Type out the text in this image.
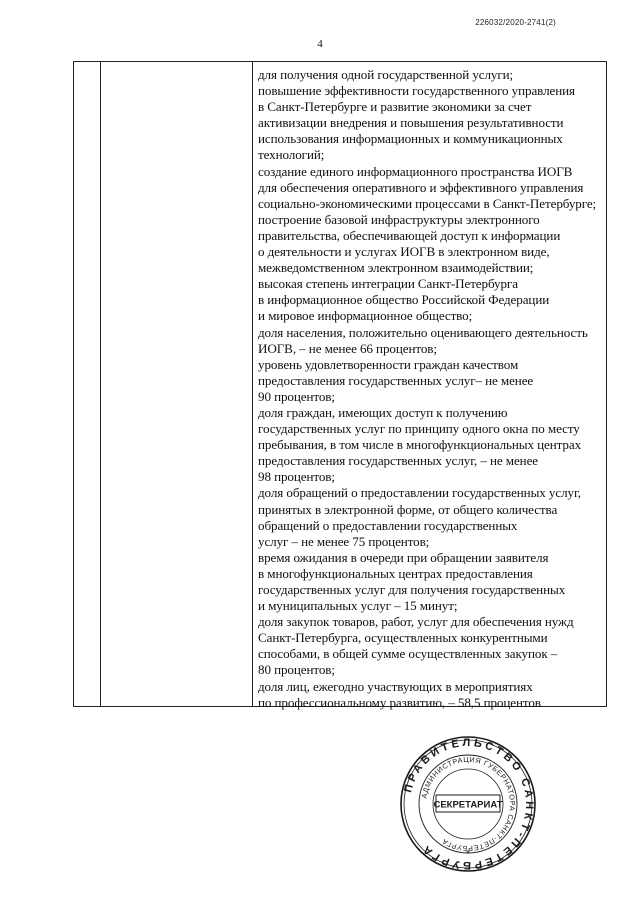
226032/2020-2741(2)
4
для получения одной государственной услуги;
повышение эффективности государственного управления
в Санкт-Петербурге и развитие экономики за счет
активизации внедрения и повышения результативности
использования информационных и коммуникационных
технологий;
создание единого информационного пространства ИОГВ
для обеспечения оперативного и эффективного управления
социально-экономическими процессами в Санкт-Петербурге;
построение базовой инфраструктуры электронного
правительства, обеспечивающей доступ к информации
о деятельности и услугах ИОГВ в электронном виде,
межведомственном электронном взаимодействии;
высокая степень интеграции Санкт-Петербурга
в информационное общество Российской Федерации
и мировое информационное общество;
доля населения, положительно оценивающего деятельность
ИОГВ, – не менее 66 процентов;
уровень удовлетворенности граждан качеством
предоставления государственных услуг– не менее
90 процентов;
доля граждан, имеющих доступ к получению
государственных услуг по принципу одного окна по месту
пребывания, в том числе в многофункциональных центрах
предоставления государственных услуг, – не менее
98 процентов;
доля обращений о предоставлении государственных услуг,
принятых в электронной форме, от общего количества
обращений о предоставлении государственных
услуг – не менее 75 процентов;
время ожидания в очереди при обращении заявителя
в многофункциональных центрах предоставления
государственных услуг для получения государственных
и муниципальных услуг – 15 минут;
доля закупок товаров, работ, услуг для обеспечения нужд
Санкт-Петербурга, осуществленных конкурентными
способами, в общей сумме осуществленных закупок –
80 процентов;
доля лиц, ежегодно участвующих в мероприятиях
по профессиональному развитию, – 58,5 процентов
ПРАВИТЕЛЬСТВО САНКТ-ПЕТЕРБУРГА
АДМИНИСТРАЦИЯ ГУБЕРНАТОРА САНКТ-ПЕТЕРБУРГА
СЕКРЕТАРИАТ
*
